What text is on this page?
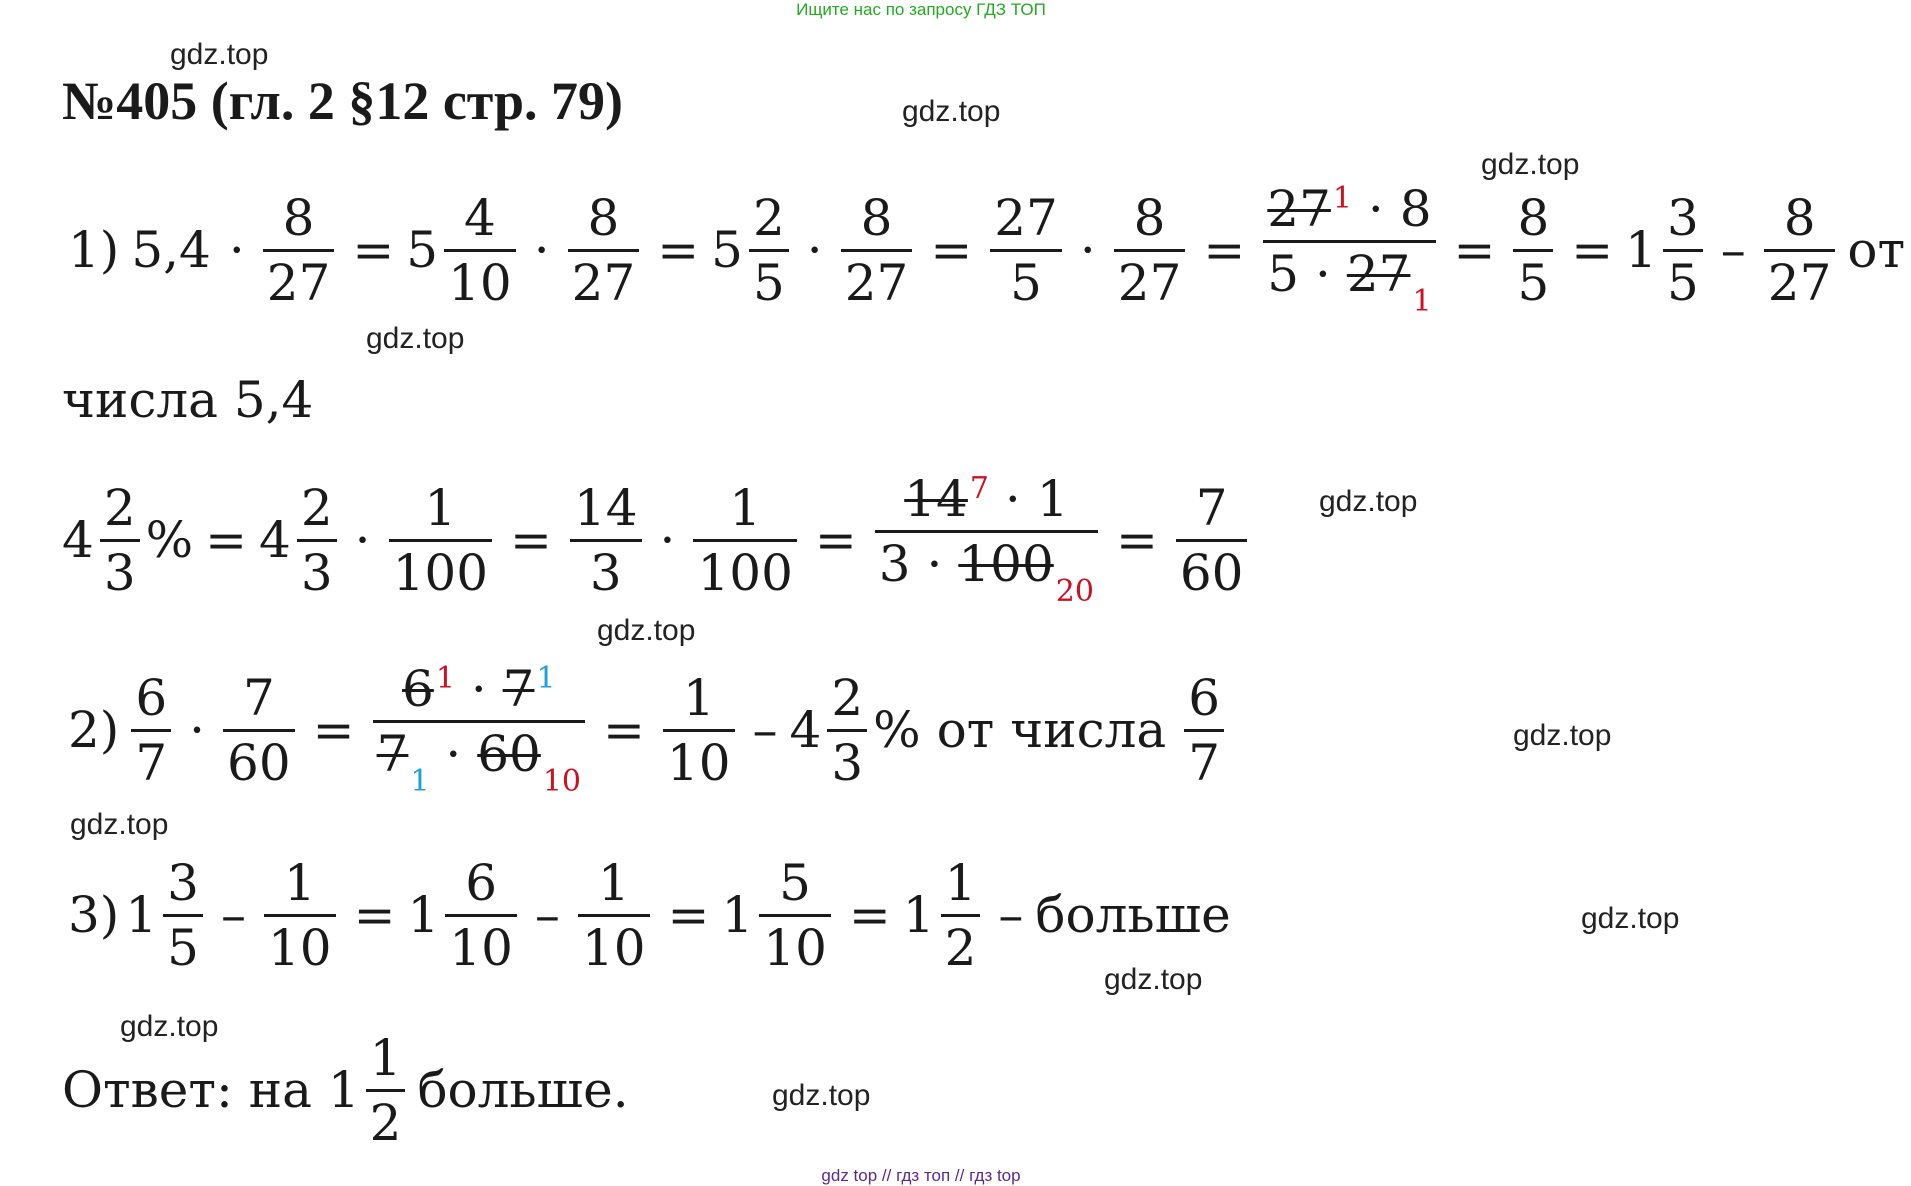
Ищите нас по запросу ГДЗ ТОП
gdz.top
gdz.top
gdz.top
gdz.top
gdz.top
gdz.top
gdz.top
gdz.top
gdz.top
gdz.top
gdz.top
gdz.top
№405 (гл. 2 §12 стр. 79)
1) $5,4 \cdot \frac{8}{27} = 5 \frac{4}{10} \cdot \frac{8}{27} = 5 \frac{2}{5} \cdot \frac{8}{27} = \frac{27}{5} \cdot \frac{8}{27} = \frac{27^1 \cdot 8}{5 \cdot 27_1} = \frac{8}{5} = 1 \frac{3}{5} - \frac{8}{27}$ от
числа 5,4
$4 \frac{2}{3}$ % = $4 \frac{2}{3} \cdot \frac{1}{100} = \frac{14}{3} \cdot \frac{1}{100} = \frac{14^7 \cdot 1}{3 \cdot 100_{20}} = \frac{7}{60}$
$2) \frac{6}{7} \cdot \frac{7}{60} = \frac{6^1 \cdot 7^1}{7_1 \cdot 60_{10}} = \frac{1}{10} - 4 \frac{2}{3}$ % от числа $\frac{6}{7}$
3) $1 \frac{3}{5} - \frac{1}{10} = 1 \frac{6}{10} - \frac{1}{10} = 1 \frac{5}{10} = 1 \frac{1}{2}$ – больше
Ответ: на $1 \frac{1}{2}$ больше.
gdz top // гдз топ // гдз top
